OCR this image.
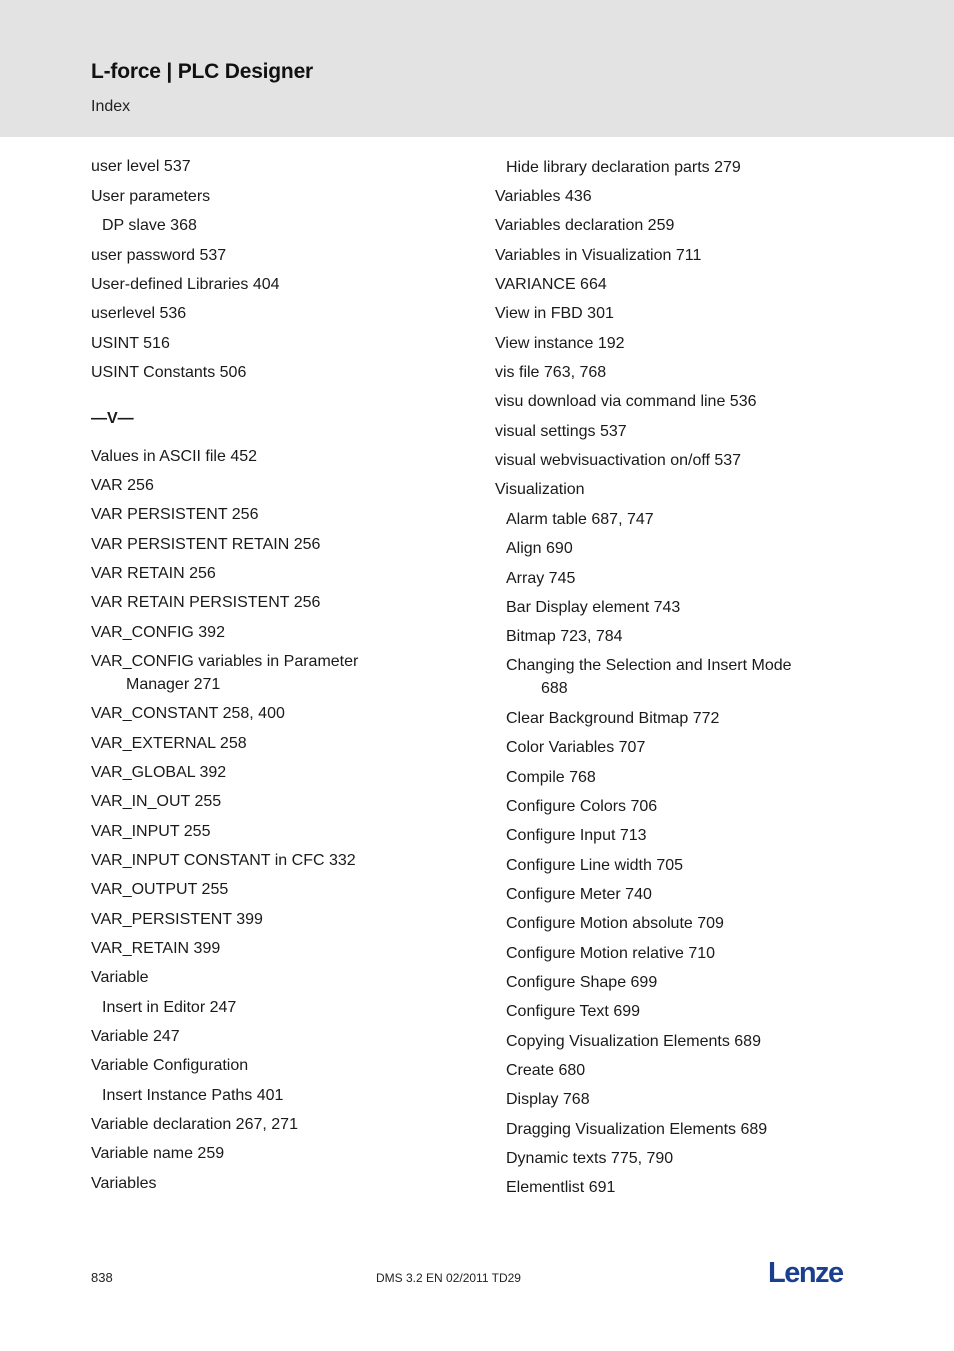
L-force | PLC Designer
Index
user level 537
User parameters
DP slave 368
user password 537
User-defined Libraries 404
userlevel 536
USINT 516
USINT Constants 506
—V—
Values in ASCII file 452
VAR 256
VAR PERSISTENT 256
VAR PERSISTENT RETAIN 256
VAR RETAIN 256
VAR RETAIN PERSISTENT 256
VAR_CONFIG 392
VAR_CONFIG variables in Parameter
Manager 271
VAR_CONSTANT 258, 400
VAR_EXTERNAL 258
VAR_GLOBAL 392
VAR_IN_OUT 255
VAR_INPUT 255
VAR_INPUT CONSTANT in CFC 332
VAR_OUTPUT 255
VAR_PERSISTENT 399
VAR_RETAIN 399
Variable
Insert in Editor 247
Variable 247
Variable Configuration
Insert Instance Paths 401
Variable declaration 267, 271
Variable name 259
Variables
Hide library declaration parts 279
Variables 436
Variables declaration 259
Variables in Visualization 711
VARIANCE 664
View in FBD 301
View instance 192
vis file 763, 768
visu download via command line 536
visual settings 537
visual webvisuactivation on/off 537
Visualization
Alarm table 687, 747
Align 690
Array 745
Bar Display element 743
Bitmap 723, 784
Changing the Selection and Insert Mode
688
Clear Background Bitmap 772
Color Variables 707
Compile 768
Configure Colors 706
Configure Input 713
Configure Line width 705
Configure Meter 740
Configure Motion absolute 709
Configure Motion relative 710
Configure Shape 699
Configure Text 699
Copying Visualization Elements 689
Create 680
Display 768
Dragging Visualization Elements 689
Dynamic texts 775, 790
Elementlist 691
838	DMS 3.2 EN 02/2011 TD29	Lenze
